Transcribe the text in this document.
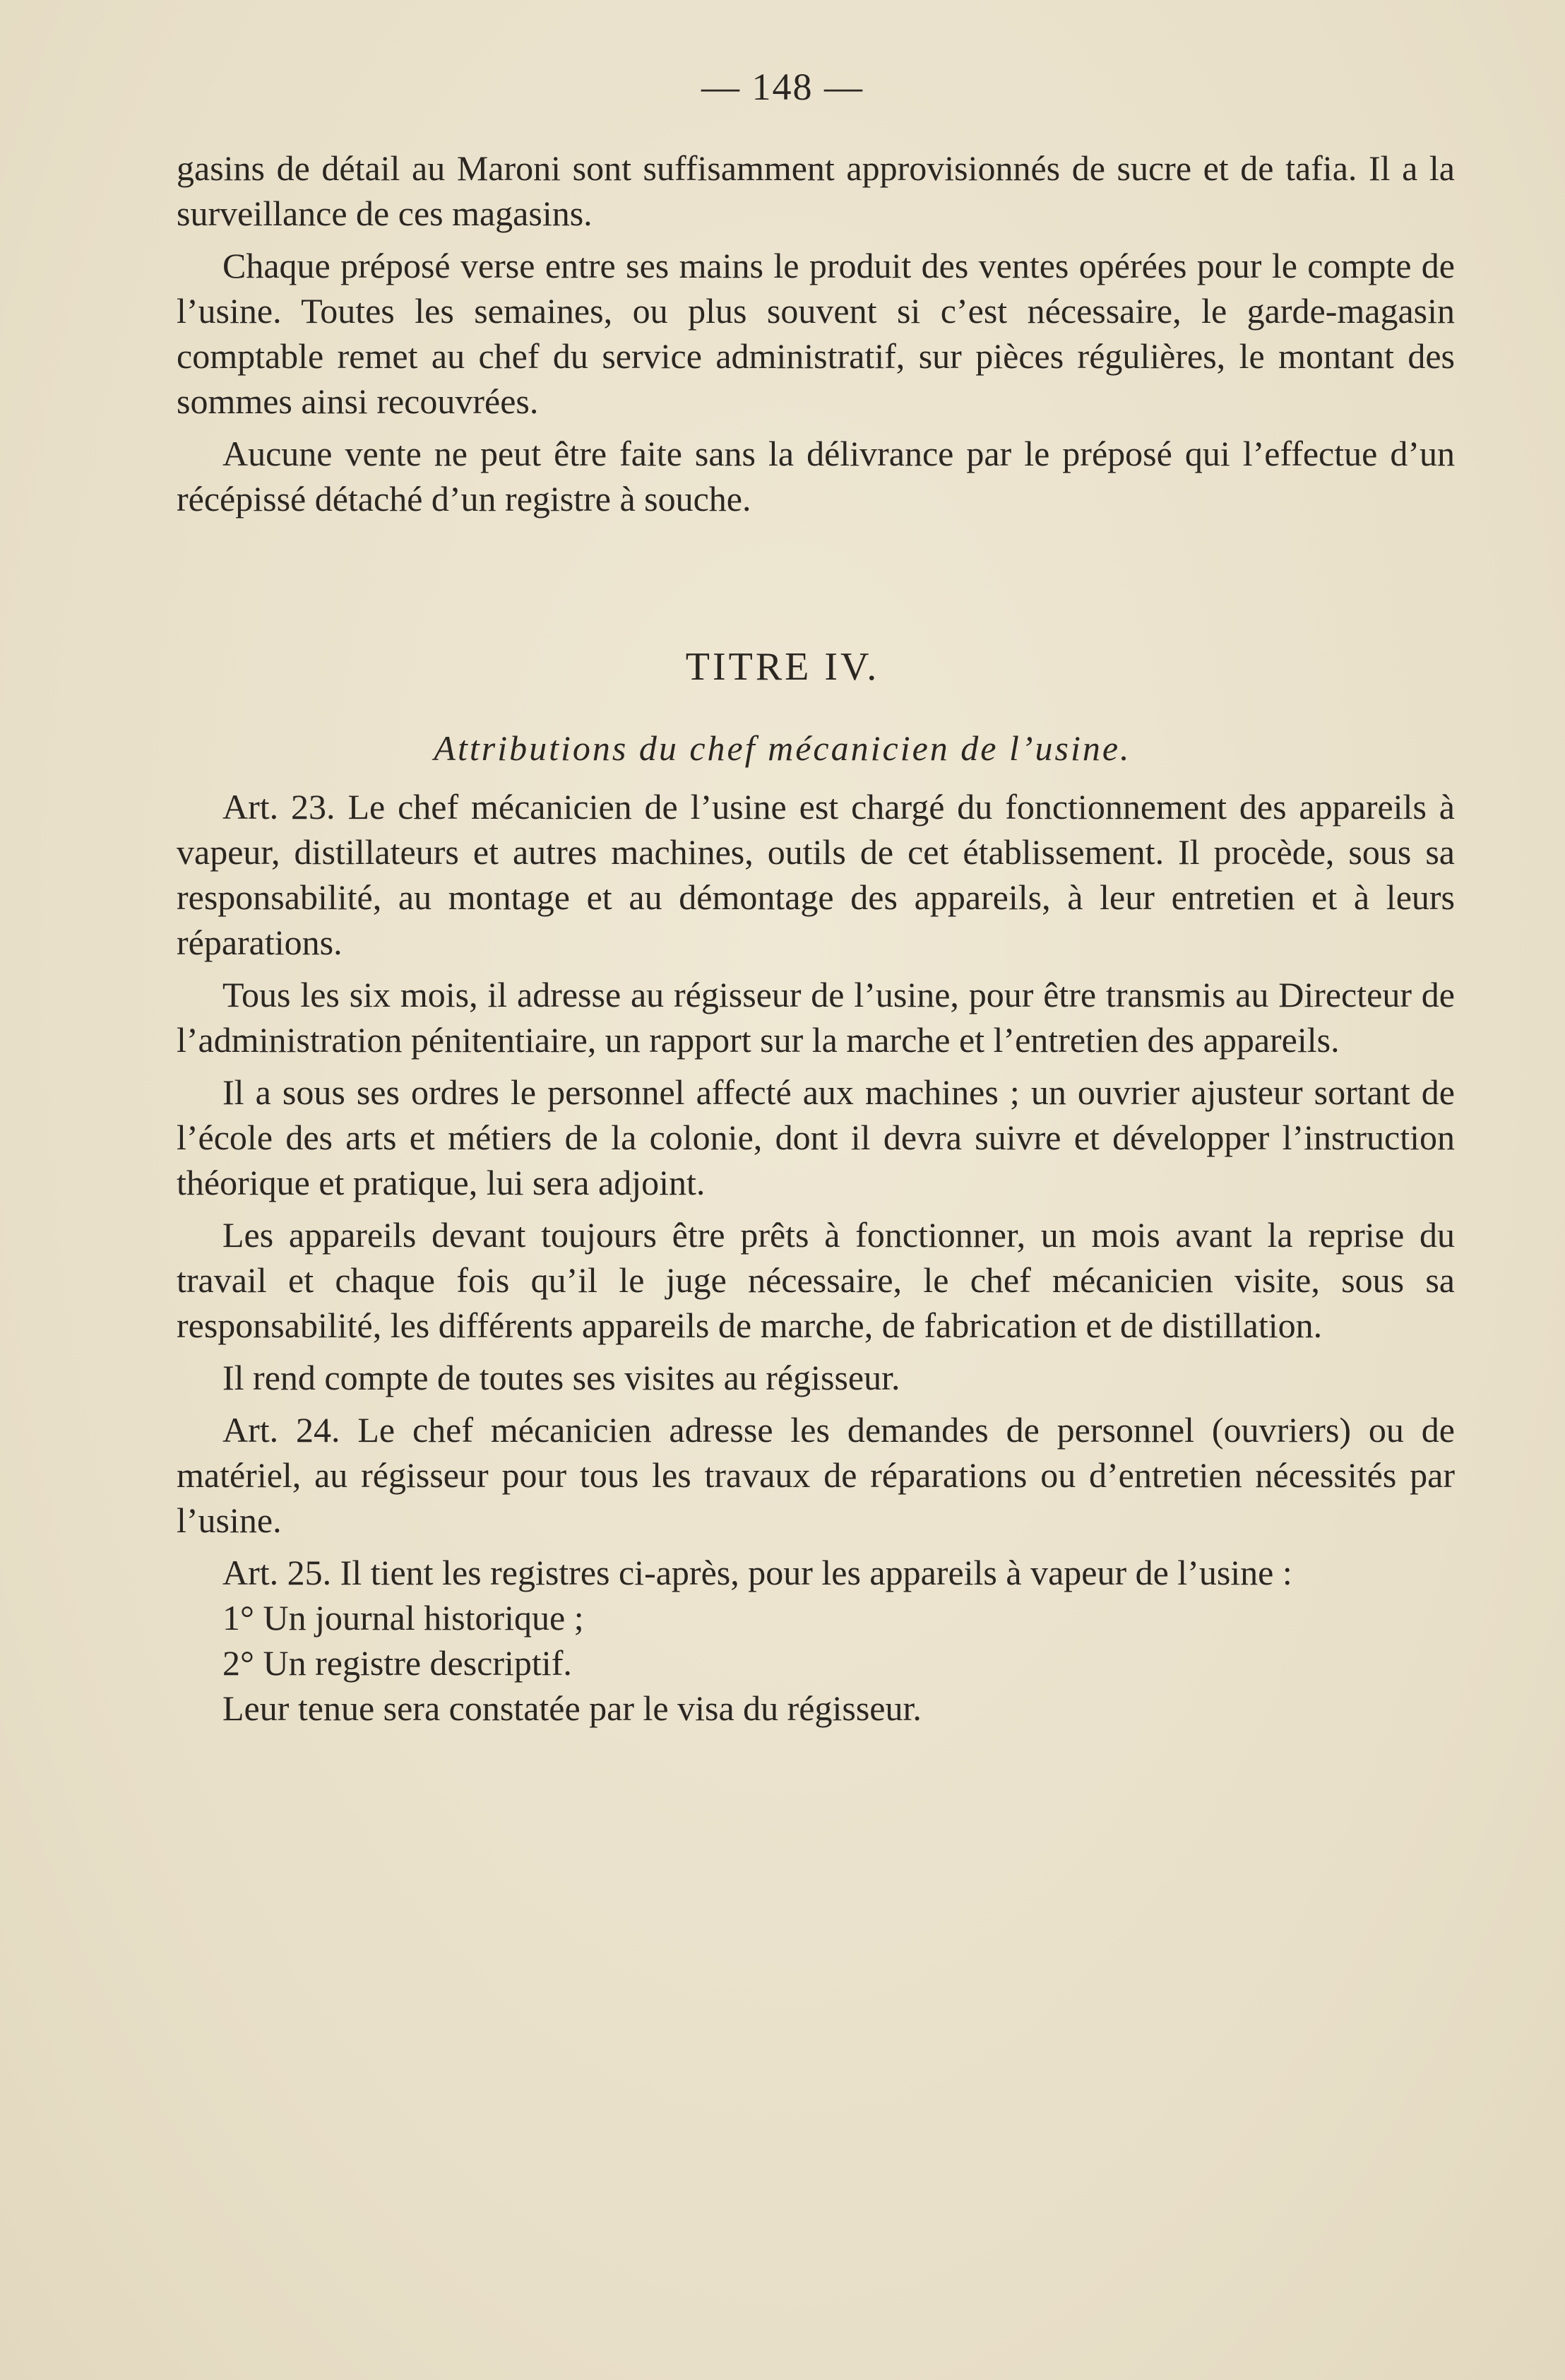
— 148 —

gasins de détail au Maroni sont suffisamment approvisionnés de sucre et de tafia. Il a la surveillance de ces magasins.

Chaque préposé verse entre ses mains le produit des ventes opérées pour le compte de l’usine. Toutes les semaines, ou plus souvent si c’est nécessaire, le garde-magasin comptable remet au chef du service administratif, sur pièces régulières, le montant des sommes ainsi recouvrées.

Aucune vente ne peut être faite sans la délivrance par le préposé qui l’effectue d’un récépissé détaché d’un registre à souche.

TITRE IV.
Attributions du chef mécanicien de l’usine.

Art. 23. Le chef mécanicien de l’usine est chargé du fonctionnement des appareils à vapeur, distillateurs et autres machines, outils de cet établissement. Il procède, sous sa responsabilité, au montage et au démontage des appareils, à leur entretien et à leurs réparations.

Tous les six mois, il adresse au régisseur de l’usine, pour être transmis au Directeur de l’administration pénitentiaire, un rapport sur la marche et l’entretien des appareils.

Il a sous ses ordres le personnel affecté aux machines ; un ouvrier ajusteur sortant de l’école des arts et métiers de la colonie, dont il devra suivre et développer l’instruction théorique et pratique, lui sera adjoint.

Les appareils devant toujours être prêts à fonctionner, un mois avant la reprise du travail et chaque fois qu’il le juge nécessaire, le chef mécanicien visite, sous sa responsabilité, les différents appareils de marche, de fabrication et de distillation.

Il rend compte de toutes ses visites au régisseur.

Art. 24. Le chef mécanicien adresse les demandes de personnel (ouvriers) ou de matériel, au régisseur pour tous les travaux de réparations ou d’entretien nécessités par l’usine.

Art. 25. Il tient les registres ci-après, pour les appareils à vapeur de l’usine :

1° Un journal historique ;

2° Un registre descriptif.

Leur tenue sera constatée par le visa du régisseur.
